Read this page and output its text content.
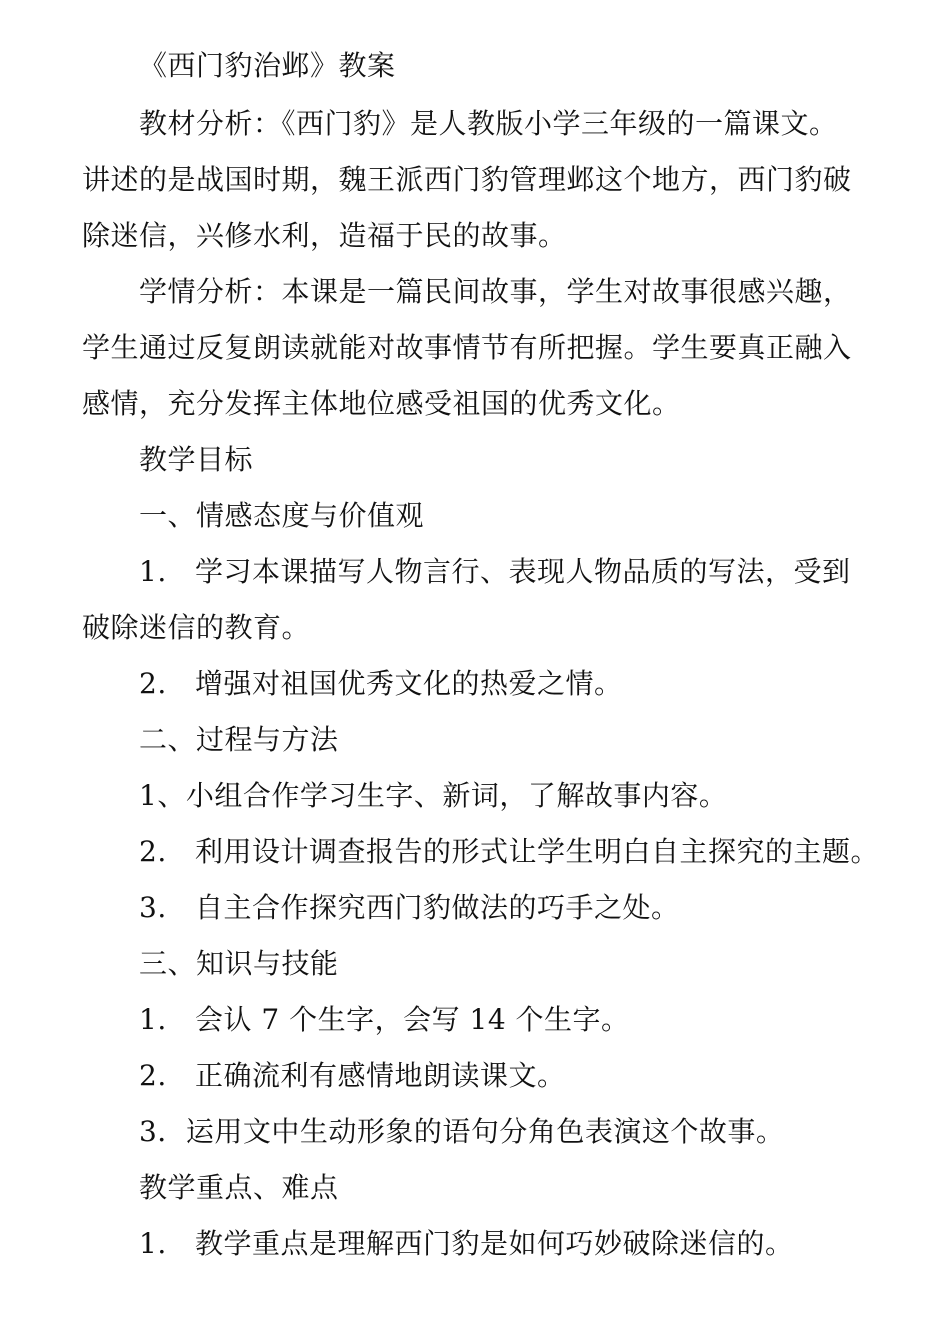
《西门豹治邺》教案
教材分析：《西门豹》是人教版小学三年级的一篇课文。
讲述的是战国时期，魏王派西门豹管理邺这个地方，西门豹破
除迷信，兴修水利，造福于民的故事。
学情分析：本课是一篇民间故事，学生对故事很感兴趣，
学生通过反复朗读就能对故事情节有所把握。学生要真正融入
感情，充分发挥主体地位感受祖国的优秀文化。
教学目标
一、情感态度与价值观
1. 学习本课描写人物言行、表现人物品质的写法，受到
破除迷信的教育。
2. 增强对祖国优秀文化的热爱之情。
二、过程与方法
1、小组合作学习生字、新词，了解故事内容。
2. 利用设计调查报告的形式让学生明白自主探究的主题。
3. 自主合作探究西门豹做法的巧手之处。
三、知识与技能
1. 会认 7 个生字，会写 14 个生字。
2. 正确流利有感情地朗读课文。
3．运用文中生动形象的语句分角色表演这个故事。
教学重点、难点
1. 教学重点是理解西门豹是如何巧妙破除迷信的。
